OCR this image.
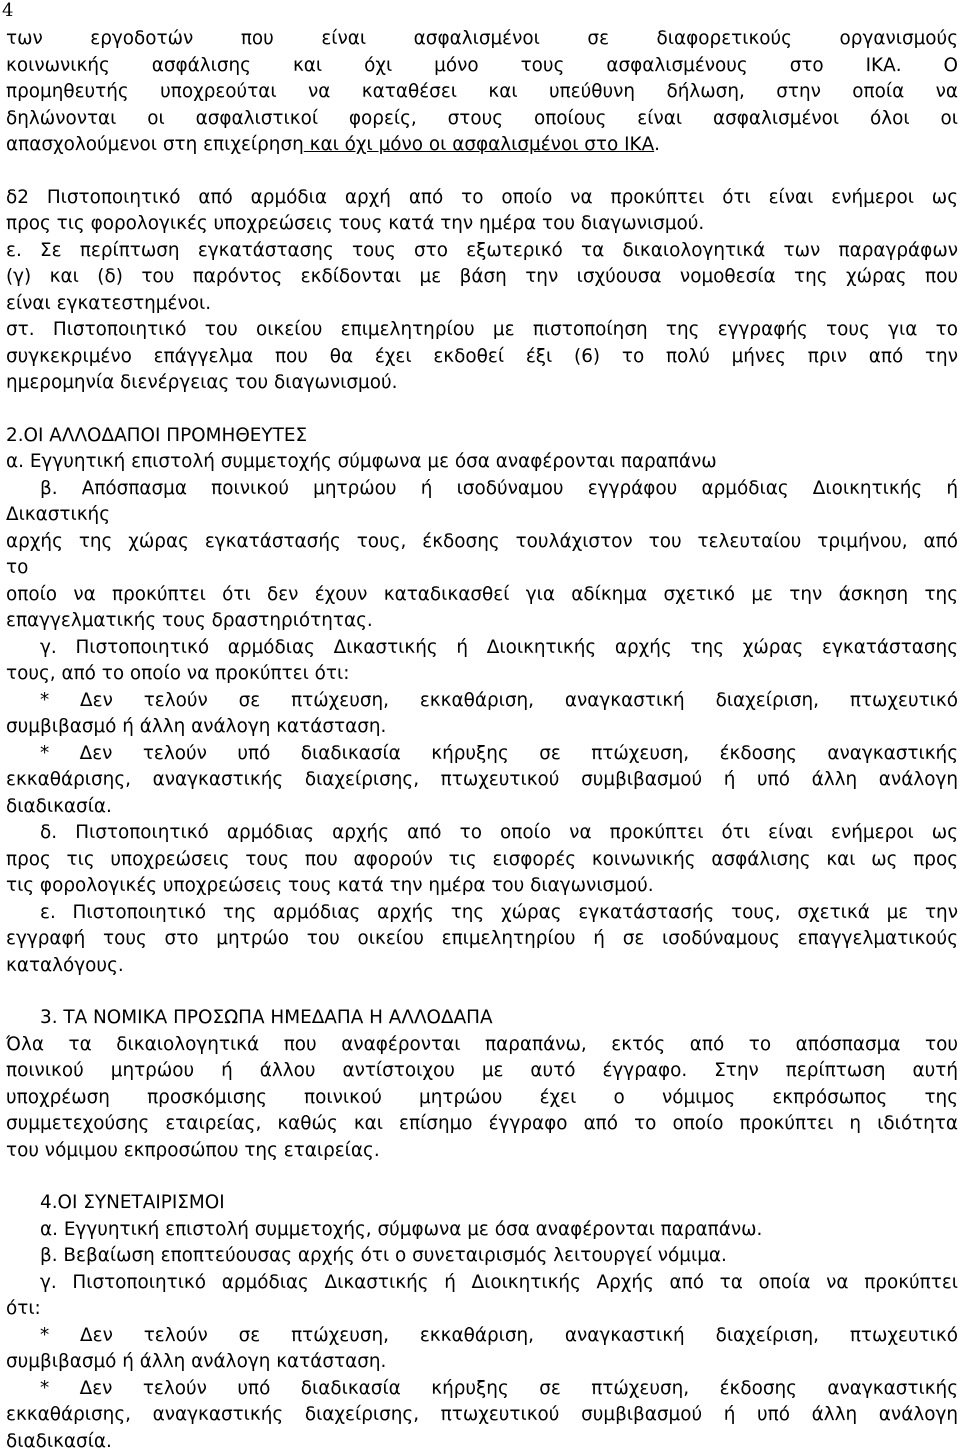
4

των εργοδοτών που είναι ασφαλισμένοι σε διαφορετικούς οργανισμούς

κοινωνικής ασφάλισης και όχι μόνο τους ασφαλισμένους στο ΙΚΑ. Ο

προμηθευτής υποχρεούται να καταθέσει και υπεύθυνη δήλωση, στην οποία να

δηλώνονται οι ασφαλιστικοί φορείς, στους οποίους είναι ασφαλισμένοι όλοι οι

απασχολούμενοι στη επιχείρηση και όχι μόνο οι ασφαλισμένοι στο ΙΚΑ.

δ2 Πιστοποιητικό από αρμόδια αρχή από το οποίο να προκύπτει ότι είναι ενήμεροι ως

προς τις φορολογικές υποχρεώσεις τους κατά την ημέρα του διαγωνισμού.

ε. Σε περίπτωση εγκατάστασης τους στο εξωτερικό τα δικαιολογητικά των παραγράφων

(γ) και (δ) του παρόντος εκδίδονται με βάση την ισχύουσα νομοθεσία της χώρας που

είναι εγκατεστημένοι.

στ. Πιστοποιητικό του οικείου επιμελητηρίου με πιστοποίηση της εγγραφής τους για το

συγκεκριμένο επάγγελμα που θα έχει εκδοθεί έξι (6) το πολύ μήνες πριν από την

ημερομηνία διενέργειας του διαγωνισμού.

2.ΟΙ ΑΛΛΟΔΑΠΟΙ ΠΡΟΜΗΘΕΥΤΕΣ

α. Εγγυητική επιστολή συμμετοχής σύμφωνα με όσα αναφέρονται παραπάνω

β. Απόσπασμα ποινικού μητρώου ή ισοδύναμου εγγράφου αρμόδιας Διοικητικής ή

Δικαστικής

αρχής της χώρας εγκατάστασής τους, έκδοσης τουλάχιστον του τελευταίου τριμήνου, από

το

οποίο να προκύπτει ότι δεν έχουν καταδικασθεί για αδίκημα σχετικό με την άσκηση της

επαγγελματικής τους δραστηριότητας.

γ. Πιστοποιητικό αρμόδιας Δικαστικής ή Διοικητικής αρχής της χώρας εγκατάστασης

τους, από το οποίο να προκύπτει ότι:

* Δεν τελούν σε πτώχευση, εκκαθάριση, αναγκαστική διαχείριση, πτωχευτικό

συμβιβασμό ή άλλη ανάλογη κατάσταση.

* Δεν τελούν υπό διαδικασία κήρυξης σε πτώχευση, έκδοσης αναγκαστικής

εκκαθάρισης, αναγκαστικής διαχείρισης, πτωχευτικού συμβιβασμού ή υπό άλλη ανάλογη

διαδικασία.

δ. Πιστοποιητικό αρμόδιας αρχής από το οποίο να προκύπτει ότι είναι ενήμεροι ως

προς τις υποχρεώσεις τους που αφορούν τις εισφορές κοινωνικής ασφάλισης και ως προς

τις φορολογικές υποχρεώσεις τους κατά την ημέρα του διαγωνισμού.

ε. Πιστοποιητικό της αρμόδιας αρχής της χώρας εγκατάστασής τους, σχετικά με την

εγγραφή τους στο μητρώο του οικείου επιμελητηρίου ή σε ισοδύναμους επαγγελματικούς

καταλόγους.

3. ΤΑ ΝΟΜΙΚΑ ΠΡΟΣΩΠΑ ΗΜΕΔΑΠΑ Η ΑΛΛΟΔΑΠΑ

Όλα τα δικαιολογητικά που αναφέρονται παραπάνω, εκτός από το απόσπασμα του

ποινικού μητρώου ή άλλου αντίστοιχου με αυτό έγγραφο. Στην περίπτωση αυτή

υποχρέωση προσκόμισης ποινικού μητρώου έχει ο νόμιμος εκπρόσωπος της

συμμετεχούσης εταιρείας, καθώς και επίσημο έγγραφο από το οποίο προκύπτει η ιδιότητα

του νόμιμου εκπροσώπου της εταιρείας.

4.ΟΙ ΣΥΝΕΤΑΙΡΙΣΜΟΙ

α. Εγγυητική επιστολή συμμετοχής, σύμφωνα με όσα αναφέρονται παραπάνω.

β. Βεβαίωση εποπτεύουσας αρχής ότι ο συνεταιρισμός λειτουργεί νόμιμα.

γ. Πιστοποιητικό αρμόδιας Δικαστικής ή Διοικητικής Αρχής από τα οποία να προκύπτει

ότι:

* Δεν τελούν σε πτώχευση, εκκαθάριση, αναγκαστική διαχείριση, πτωχευτικό

συμβιβασμό ή άλλη ανάλογη κατάσταση.

* Δεν τελούν υπό διαδικασία κήρυξης σε πτώχευση, έκδοσης αναγκαστικής

εκκαθάρισης, αναγκαστικής διαχείρισης, πτωχευτικού συμβιβασμού ή υπό άλλη ανάλογη

διαδικασία.
